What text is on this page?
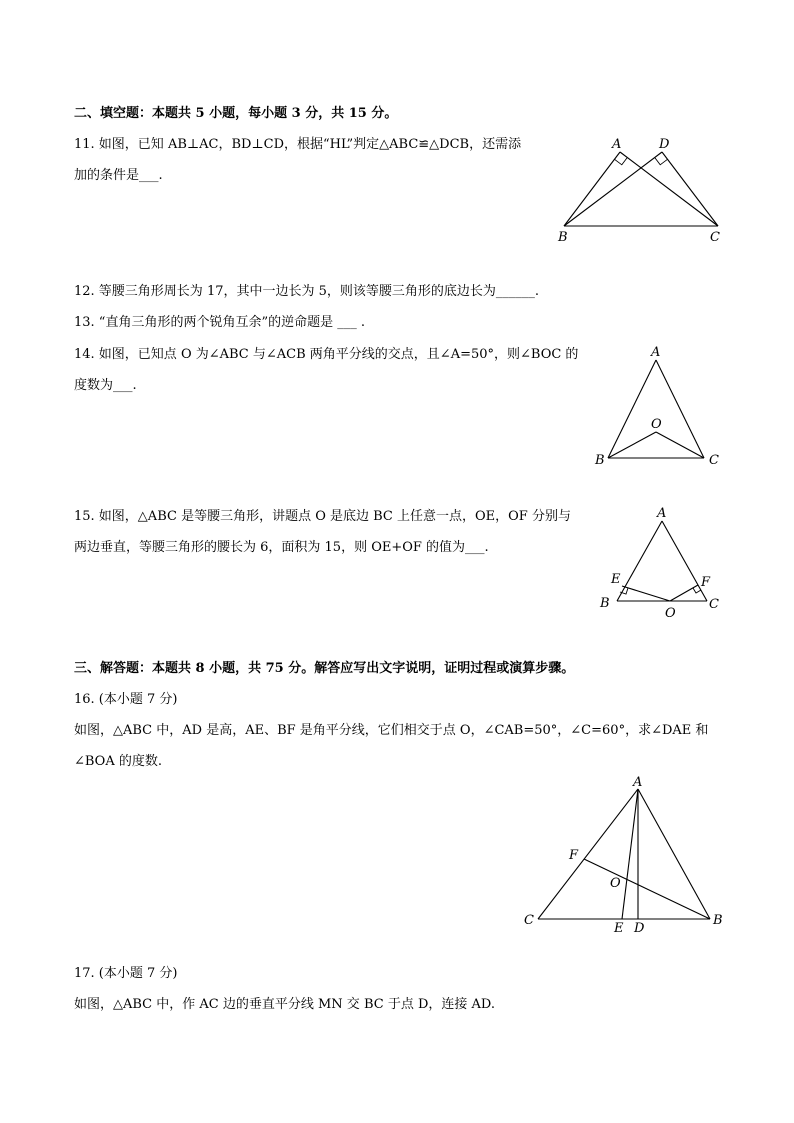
二、填空题：本题共 5 小题，每小题 3 分，共 15 分。
11. 如图，已知 AB⊥AC，BD⊥CD，根据“HL”判定△ABC≌△DCB，还需添
加的条件是___.
A	D
B	C
12. 等腰三角形周长为 17，其中一边长为 5，则该等腰三角形的底边长为______.
13. “直角三角形的两个锐角互余”的逆命题是 ___ .
14. 如图，已知点 O 为∠ABC 与∠ACB 两角平分线的交点，且∠A=50°，则∠BOC 的
度数为___.
A
O
B	C
15. 如图，△ABC 是等腰三角形，讲题点 O 是底边 BC 上任意一点，OE，OF 分别与
两边垂直，等腰三角形的腰长为 6，面积为 15，则 OE+OF 的值为___.
A
E	F
B
O
C
三、解答题：本题共 8 小题，共 75 分。解答应写出文字说明，证明过程或演算步骤。
16. (本小题 7 分)
如图，△ABC 中，AD 是高，AE、BF 是角平分线，它们相交于点 O，∠CAB=50°，∠C=60°，求∠DAE 和
∠BOA 的度数.
A
F
O
C
E D
B
17. (本小题 7 分)
如图，△ABC 中，作 AC 边的垂直平分线 MN 交 BC 于点 D，连接 AD.
